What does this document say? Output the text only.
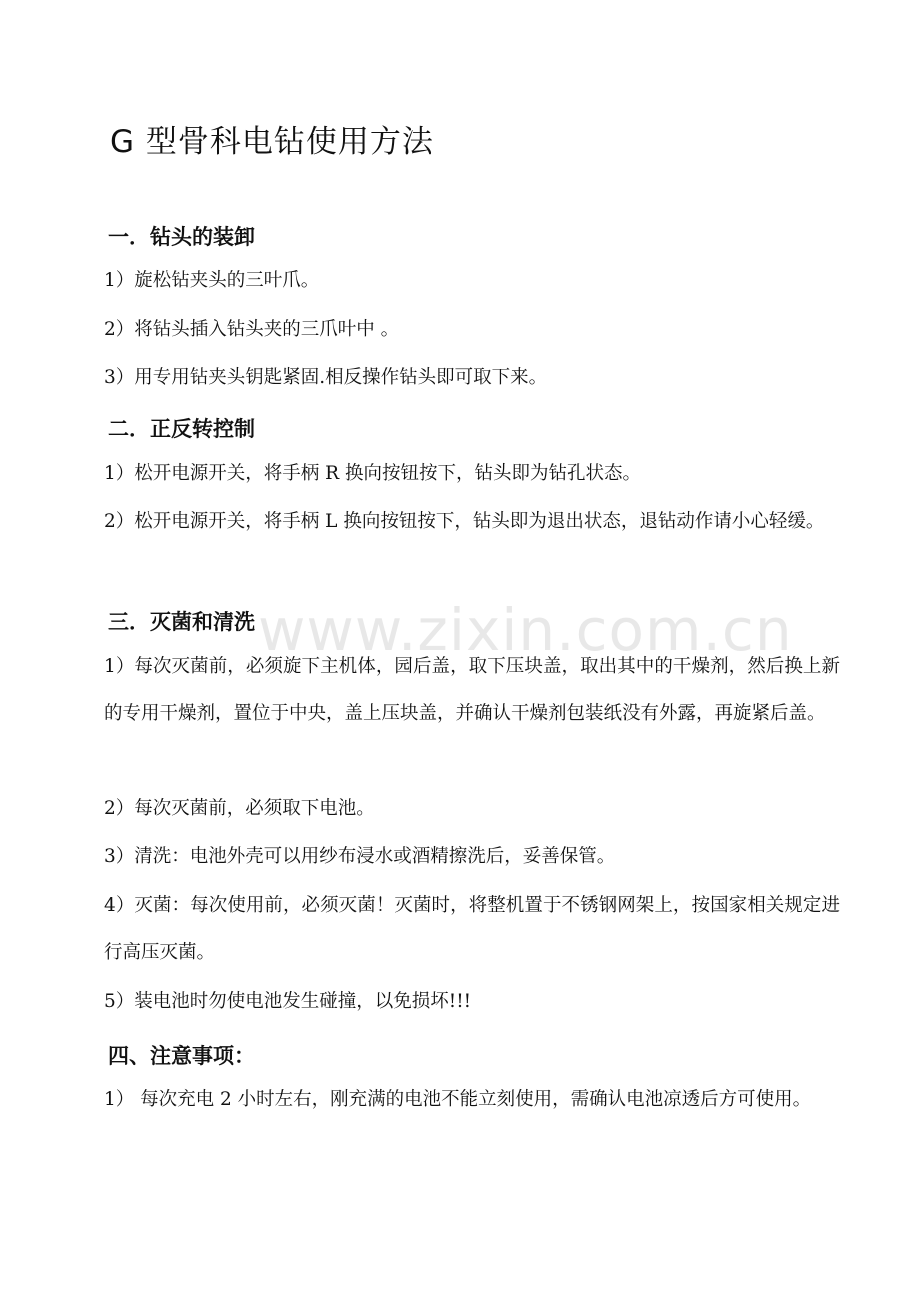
G 型骨科电钻使用方法
一．钻头的装卸

1）旋松钻夹头的三叶爪。

2）将钻头插入钻头夹的三爪叶中 。

3）用专用钻夹头钥匙紧固.相反操作钻头即可取下来。

二．正反转控制

1）松开电源开关，将手柄 R 换向按钮按下，钻头即为钻孔状态。

2）松开电源开关，将手柄 L 换向按钮按下，钻头即为退出状态，退钻动作请小心轻缓。

三．灭菌和清洗

1）每次灭菌前，必须旋下主机体，园后盖，取下压块盖，取出其中的干燥剂，然后换上新的专用干燥剂，置位于中央，盖上压块盖，并确认干燥剂包装纸没有外露，再旋紧后盖。

2）每次灭菌前，必须取下电池。

3）清洗：电池外壳可以用纱布浸水或酒精擦洗后，妥善保管。

4）灭菌：每次使用前，必须灭菌！灭菌时，将整机置于不锈钢网架上，按国家相关规定进行高压灭菌。

5）装电池时勿使电池发生碰撞，以免损坏!!!

四、注意事项：

1） 每次充电 2 小时左右，刚充满的电池不能立刻使用，需确认电池凉透后方可使用。

www.zixin.com.cn
